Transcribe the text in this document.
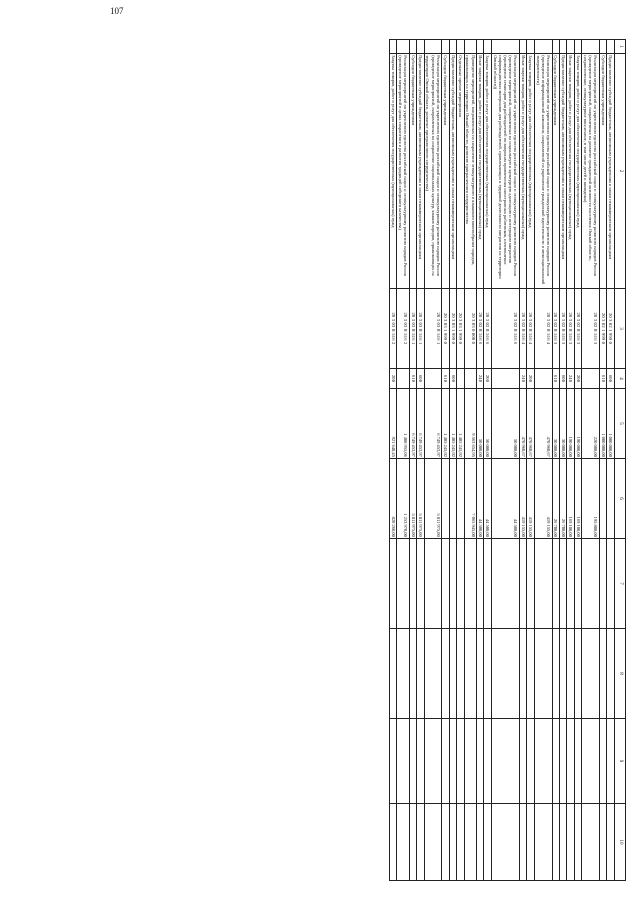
107
1	2	3	4	5	6	7	8	9	10
	Предоставление субсидий бюджетным, автономным учреждениям и иным некоммерческим организациям	20 3 02 1 999 0	600	1 000 000,00					
	Субсидии бюджетным учреждениям	20 3 02 1 999 0	610	1 000 000,00					
	Реализация мероприятий по укреплению единства российской нации и этнокультурному развитию народов России (проведение мероприятий, направленных на развитие гражданской активности населения Омской области, патриотическое, этнокультурное воспитание, в том числе детей и молодежи)	20 3 02 R 516 3		220 000,00	195 800,00				
	Закупка товаров, работ и услуг для обеспечения государственных (муниципальных) нужд	20 3 02 R 516 3	200	190 000,00	169 100,00				
	Иные закупки товаров, работ и услуг для обеспечения государственных (муниципальных) нужд	20 3 02 R 516 3	240	190 000,00	169 100,00				
	Предоставление субсидий бюджетным, автономным учреждениям и иным некоммерческим организациям	20 3 02 R 516 3	600	30 000,00	26 700,00				
	Субсидии бюджетным учреждениям	20 3 02 R 516 3	610	30 000,00	26 700,00				
	Реализация мероприятий по укреплению единства российской нации и этнокультурному развитию народов России (проведение информационной кампании, направленной на укрепление гражданской идентичности и межнациональной толерантности)	20 3 02 R 516 4		470 960,67	419 155,00				
	Закупка товаров, работ и услуг для обеспечения государственных (муниципальных) нужд	20 3 02 R 516 4	200	470 960,67	419 155,00				
	Иные закупки товаров, работ и услуг для обеспечения государственных (муниципальных) нужд	20 3 02 R 516 4	240	470 960,67	419 155,00				
	Реализация мероприятий по укреплению единства российской нации и этнокультурному развитию народов России (проведение мероприятий, направленных на социальную и культурную адаптацию и интеграцию мигрантов (проведение семинаров для работодателей по вопросам привлечения иностранных работников, изготовление информационных материалов для работодателей, привлекающих к трудовой деятельности мигрантов на территории Омской области))	20 3 02 R 516 6		50 000,00	44 500,00				
	Закупка товаров, работ и услуг для обеспечения государственных (муниципальных) нужд	20 3 02 R 516 6	200	50 000,00	44 500,00				
	Иные закупки товаров, работ и услуг для обеспечения государственных (муниципальных) нужд	20 3 02 R 516 6	240	50 000,00	44 500,00				
	Проведение мероприятий, направленных на сохранение этнокультурного и языкового многообразия народов, проживающих на территории Омской области, развитие приграничного сотрудничества	20 3 03 0 000 0		9 563 654,95	7 065 945,00				
	Отдельные прочие мероприятия	20 3 03 1 999 0		1 405 245,92					
	Предоставление субсидий бюджетным, автономным учреждениям и иным некоммерческим организациям	20 3 03 1 999 0	600	1 405 245,92					
	Субсидии бюджетным учреждениям	20 3 03 1 999 0	610	1 405 245,92					
	Реализация мероприятий по укреплению единства российской нации и этнокультурному развитию народов России (проведение мероприятий, направленных на сохранение национальных культур, языков народов, проживающих на территории Омской области, развитие приграничного сотрудничества)	20 3 03 R 516 1		6 749 453,97	5 811 975,00				
	Предоставление субсидий бюджетным, автономным учреждениям и иным некоммерческим организациям	20 3 03 R 516 1	600	6 749 453,97	5 811 975,00				
	Субсидии бюджетным учреждениям	20 3 03 R 516 1	610	6 749 453,97	5 811 975,00				
	Реализация мероприятий по укреплению единства российской нации и этнокультурному развитию народов России (проведение мероприятий в целях сохранения и развития традиций сибирского казачества)	20 3 03 R 516 2		1 408 955,06	1 253 970,00				
	Закупка товаров, работ и услуг для обеспечения государственных (муниципальных) нужд	20 3 03 R 516 2	200	921 640,45	820 260,00				
